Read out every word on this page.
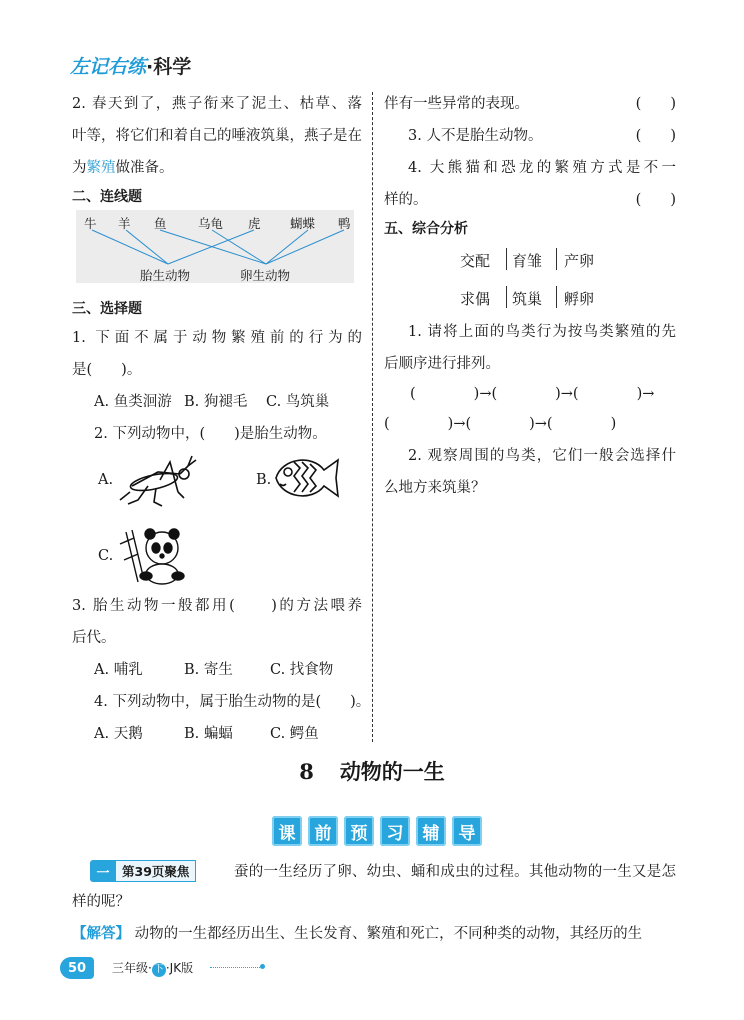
左记右练·科学
2. 春天到了，燕子衔来了泥土、枯草、落
叶等，将它们和着自己的唾液筑巢，燕子是在
为繁殖做准备。
二、连线题
牛 羊 鱼	乌龟 虎 蝴蝶 鸭
胎生动物	卵生动物
三、选择题
1. 下面不属于动物繁殖前的行为的
是(　　)。
A. 鱼类洄游 B. 狗褪毛 C. 鸟筑巢
2. 下列动物中，(　　)是胎生动物。
A.	B.
C.
3. 胎生动物一般都用(　　)的方法喂养
后代。
A. 哺乳	B. 寄生	C. 找食物
4. 下列动物中，属于胎生动物的是(　　)。
A. 天鹅	B. 蝙蝠	C. 鳄鱼
伴有一些异常的表现。	(　　)
3. 人不是胎生动物。	(　　)
4. 大熊猫和恐龙的繁殖方式是不一
样的。	(　　)
五、综合分析
交配 育雏 产卵
求偶 筑巢 孵卵
1. 请将上面的鸟类行为按鸟类繁殖的先
后顺序进行排列。
(　　　　)→(　　　　)→(　　　　)→
(　　　　)→(　　　　)→(　　　　)
2. 观察周围的鸟类，它们一般会选择什
么地方来筑巢？
8 动物的一生
课	前	预	习	辅	导
一	第39页聚焦	蚕的一生经历了卵、幼虫、蛹和成虫的过程。其他动物的一生又是怎
样的呢？
【解答】 动物的一生都经历出生、生长发育、繁殖和死亡，不同种类的动物，其经历的生
50	三年级· 下 ·JK版
